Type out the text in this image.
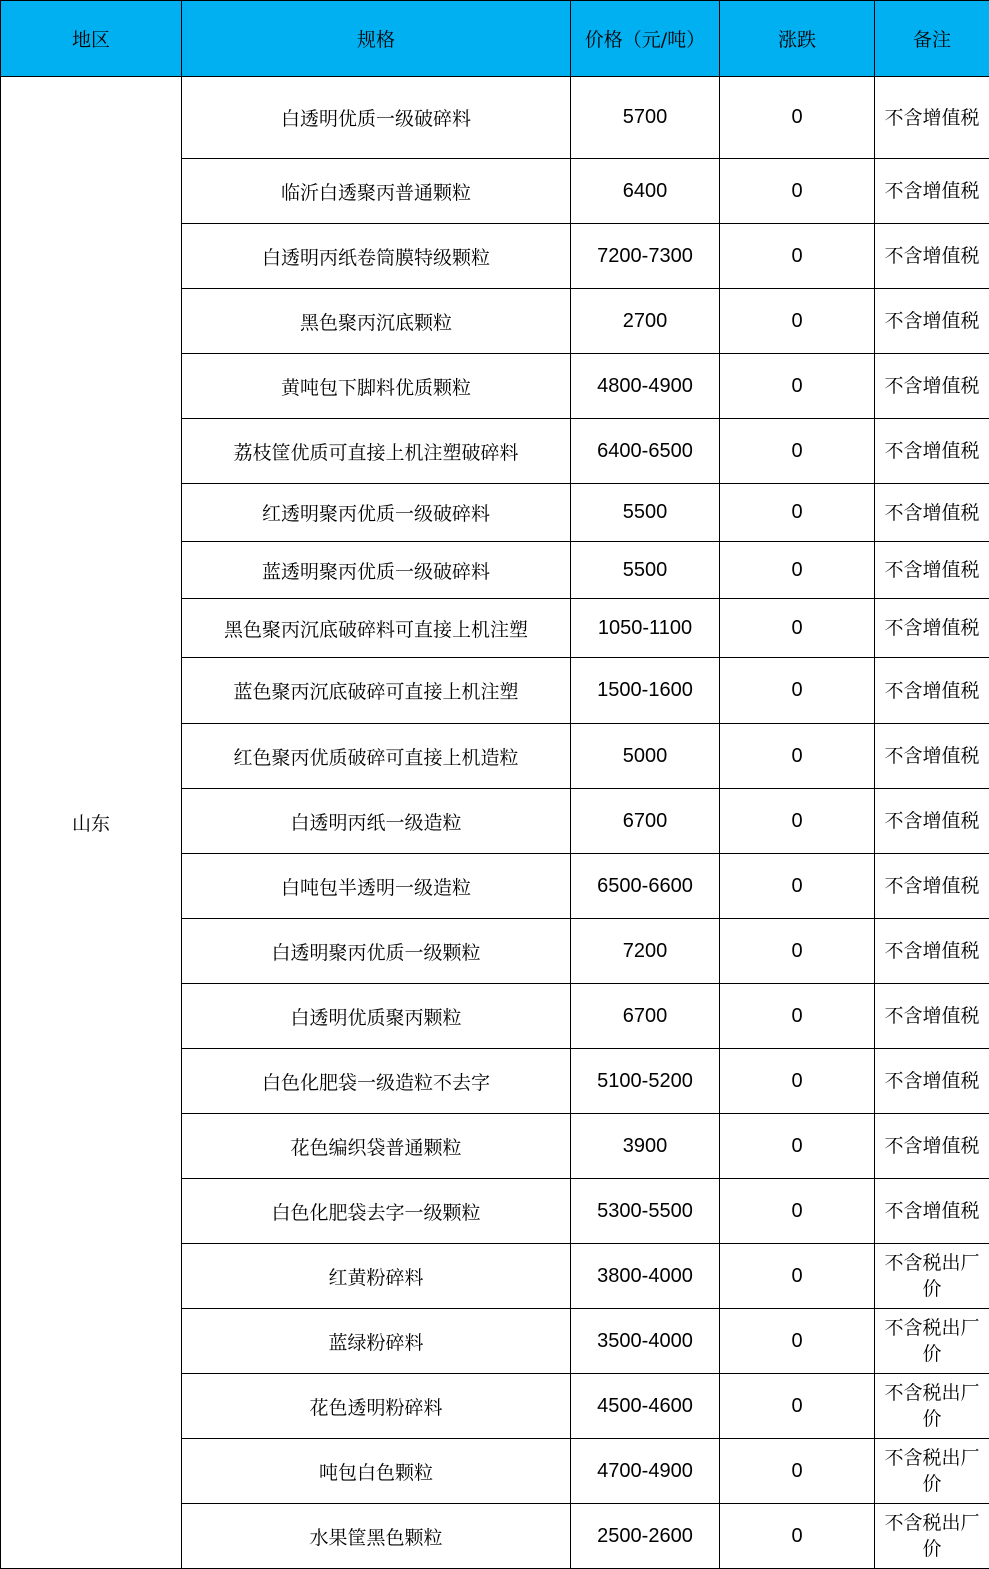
地区	规格	价格（元/吨）	涨跌	备注
山东	白透明优质一级破碎料	5700	0	不含增值税
	临沂白透聚丙普通颗粒	6400	0	不含增值税
	白透明丙纸卷筒膜特级颗粒	7200-7300	0	不含增值税
	黑色聚丙沉底颗粒	2700	0	不含增值税
	黄吨包下脚料优质颗粒	4800-4900	0	不含增值税
	荔枝筐优质可直接上机注塑破碎料	6400-6500	0	不含增值税
	红透明聚丙优质一级破碎料	5500	0	不含增值税
	蓝透明聚丙优质一级破碎料	5500	0	不含增值税
	黑色聚丙沉底破碎料可直接上机注塑	1050-1100	0	不含增值税
	蓝色聚丙沉底破碎可直接上机注塑	1500-1600	0	不含增值税
	红色聚丙优质破碎可直接上机造粒	5000	0	不含增值税
	白透明丙纸一级造粒	6700	0	不含增值税
	白吨包半透明一级造粒	6500-6600	0	不含增值税
	白透明聚丙优质一级颗粒	7200	0	不含增值税
	白透明优质聚丙颗粒	6700	0	不含增值税
	白色化肥袋一级造粒不去字	5100-5200	0	不含增值税
	花色编织袋普通颗粒	3900	0	不含增值税
	白色化肥袋去字一级颗粒	5300-5500	0	不含增值税
	红黄粉碎料	3800-4000	0	不含税出厂价
	蓝绿粉碎料	3500-4000	0	不含税出厂价
	花色透明粉碎料	4500-4600	0	不含税出厂价
	吨包白色颗粒	4700-4900	0	不含税出厂价
	水果筐黑色颗粒	2500-2600	0	不含税出厂价
